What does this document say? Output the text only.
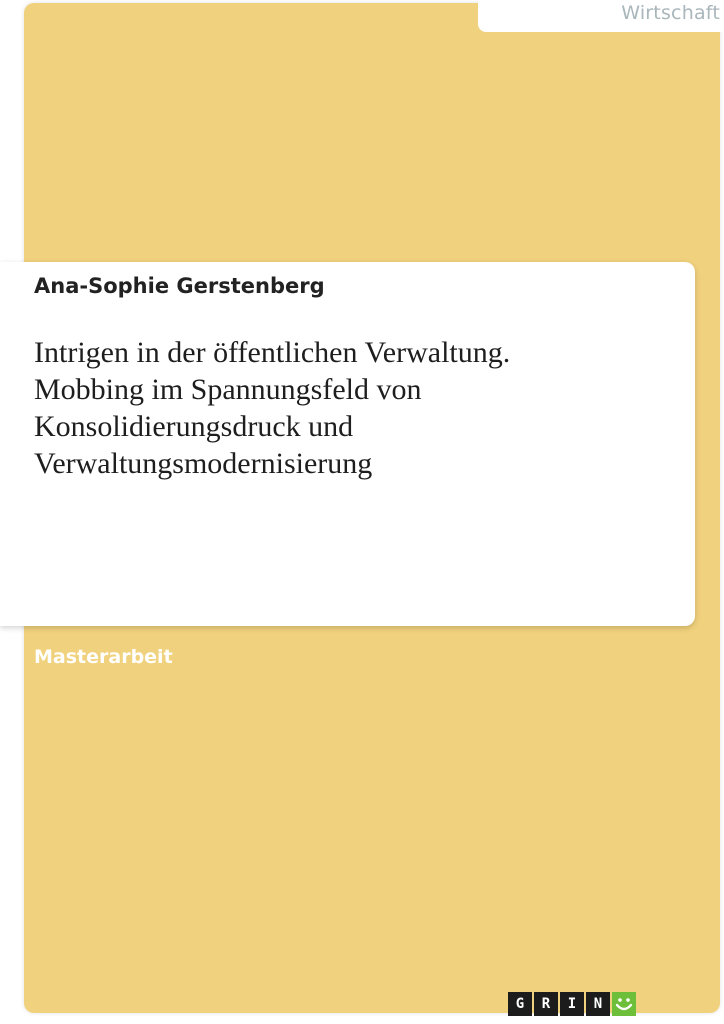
Wirtschaft

Ana-Sophie Gerstenberg

Intrigen in der öffentlichen Verwaltung.
Mobbing im Spannungsfeld von
Konsolidierungsdruck und
Verwaltungsmodernisierung

Masterarbeit

G	R	I	N
